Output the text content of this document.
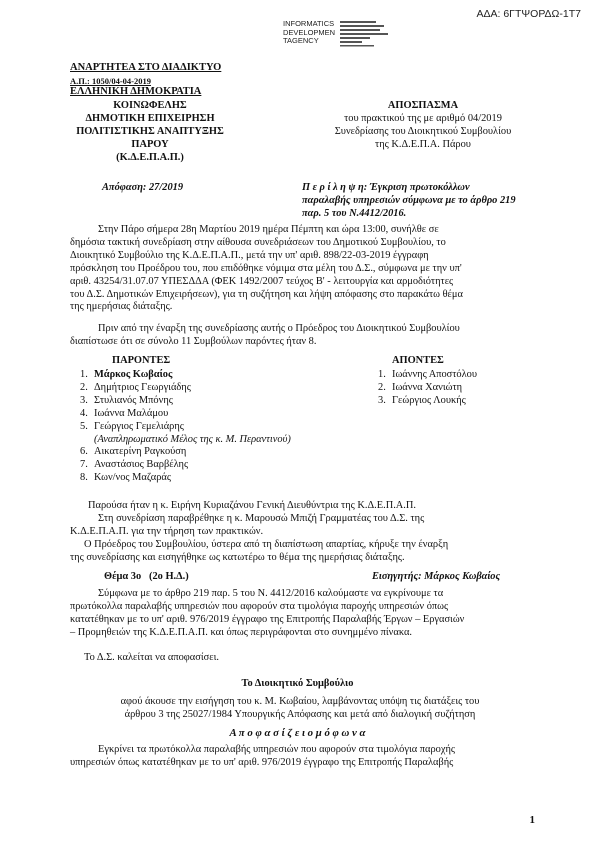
ΑΔΑ: 6ΓΤΨΟΡΔΩ-1Τ7
INFORMATICS
DEVELOPMEN
TAGENCY
ΑΝΑΡΤΗΤΕΑ ΣΤΟ ΔΙΑΔΙΚΤΥΟ
Α.Π.: 1050/04-04-2019
ΕΛΛΗΝΙΚΗ ΔΗΜΟΚΡΑΤΙΑ
ΚΟΙΝΩΦΕΛΗΣ
ΔΗΜΟΤΙΚΗ ΕΠΙΧΕΙΡΗΣΗ
ΠΟΛΙΤΙΣΤΙΚΗΣ ΑΝΑΠΤΥΞΗΣ
ΠΑΡΟΥ
(Κ.Δ.Ε.Π.Α.Π.)
ΑΠΟΣΠΑΣΜΑ
του πρακτικού της με αριθμό 04/2019
Συνεδρίασης του Διοικητικού Συμβουλίου
της Κ.Δ.Ε.Π.Α. Πάρου
Απόφαση: 27/2019	Π ε ρ ί λ η ψ η: Έγκριση πρωτοκόλλων
παραλαβής υπηρεσιών σύμφωνα με το άρθρο 219
παρ. 5 του Ν.4412/2016.
Στην Πάρο σήμερα 28η Μαρτίου 2019 ημέρα Πέμπτη και ώρα 13:00, συνήλθε σε
δημόσια τακτική συνεδρίαση στην αίθουσα συνεδριάσεων του Δημοτικού Συμβουλίου, το
Διοικητικό Συμβούλιο της Κ.Δ.Ε.Π.Α.Π., μετά την υπ' αριθ. 898/22-03-2019 έγγραφη
πρόσκληση του Προέδρου του, που επιδόθηκε νόμιμα στα μέλη του Δ.Σ., σύμφωνα με την υπ'
αριθ. 43254/31.07.07 ΥΠΕΣΔΔΑ (ΦΕΚ 1492/2007 τεύχος Β' - λειτουργία και αρμοδιότητες
του Δ.Σ. Δημοτικών Επιχειρήσεων), για τη συζήτηση και λήψη απόφασης στο παρακάτω θέμα
της ημερήσιας διάταξης.
Πριν από την έναρξη της συνεδρίασης αυτής ο Πρόεδρος του Διοικητικού Συμβουλίου
διαπίστωσε ότι σε σύνολο 11 Συμβούλων παρόντες ήταν 8.
ΠΑΡΟΝΤΕΣ	ΑΠΟΝΤΕΣ
1. Μάρκος Κωβαίος
2. Δημήτριος Γεωργιάδης
3. Στυλιανός Μπόνης
4. Ιωάννα Μαλάμου
5. Γεώργιος Γεμελιάρης
(Αναπληρωματικό Μέλος της κ. Μ. Περαντινού)
6. Αικατερίνη Ραγκούση
7. Αναστάσιος Βαρβέλης
8. Κων/νος Μαζαράς
1. Ιωάννης Αποστόλου
2. Ιωάννα Χανιώτη
3. Γεώργιος Λουκής
Παρούσα ήταν η κ. Ειρήνη Κυριαζάνου Γενική Διευθύντρια της Κ.Δ.Ε.Π.Α.Π.
Στη συνεδρίαση παραβρέθηκε η κ. Μαρουσώ Μπιζή Γραμματέας του Δ.Σ. της
Κ.Δ.Ε.Π.Α.Π. για την τήρηση των πρακτικών.
Ο Πρόεδρος του Συμβουλίου, ύστερα από τη διαπίστωση απαρτίας, κήρυξε την έναρξη
της συνεδρίασης και εισηγήθηκε ως κατωτέρω το θέμα της ημερήσιας διάταξης.
Θέμα 3ο (2ο Η.Δ.)	Εισηγητής: Μάρκος Κωβαίος
Σύμφωνα με το άρθρο 219 παρ. 5 του Ν. 4412/2016 καλούμαστε να εγκρίνουμε τα
πρωτόκολλα παραλαβής υπηρεσιών που αφορούν στα τιμολόγια παροχής υπηρεσιών όπως
κατατέθηκαν με το υπ' αριθ. 976/2019 έγγραφο της Επιτροπής Παραλαβής Έργων – Εργασιών
– Προμηθειών της Κ.Δ.Ε.Π.Α.Π. και όπως περιγράφονται στο συνημμένο πίνακα.
Το Δ.Σ. καλείται να αποφασίσει.
Το Διοικητικό Συμβούλιο
αφού άκουσε την εισήγηση του κ. Μ. Κωβαίου, λαμβάνοντας υπόψη τις διατάξεις του
άρθρου 3 της 25027/1984 Υπουργικής Απόφασης και μετά από διαλογική συζήτηση
Α π ο φ α σ ί ζ ε ι ο μ ό φ ω ν α
Εγκρίνει τα πρωτόκολλα παραλαβής υπηρεσιών που αφορούν στα τιμολόγια παροχής
υπηρεσιών όπως κατατέθηκαν με το υπ' αριθ. 976/2019 έγγραφο της Επιτροπής Παραλαβής
1
